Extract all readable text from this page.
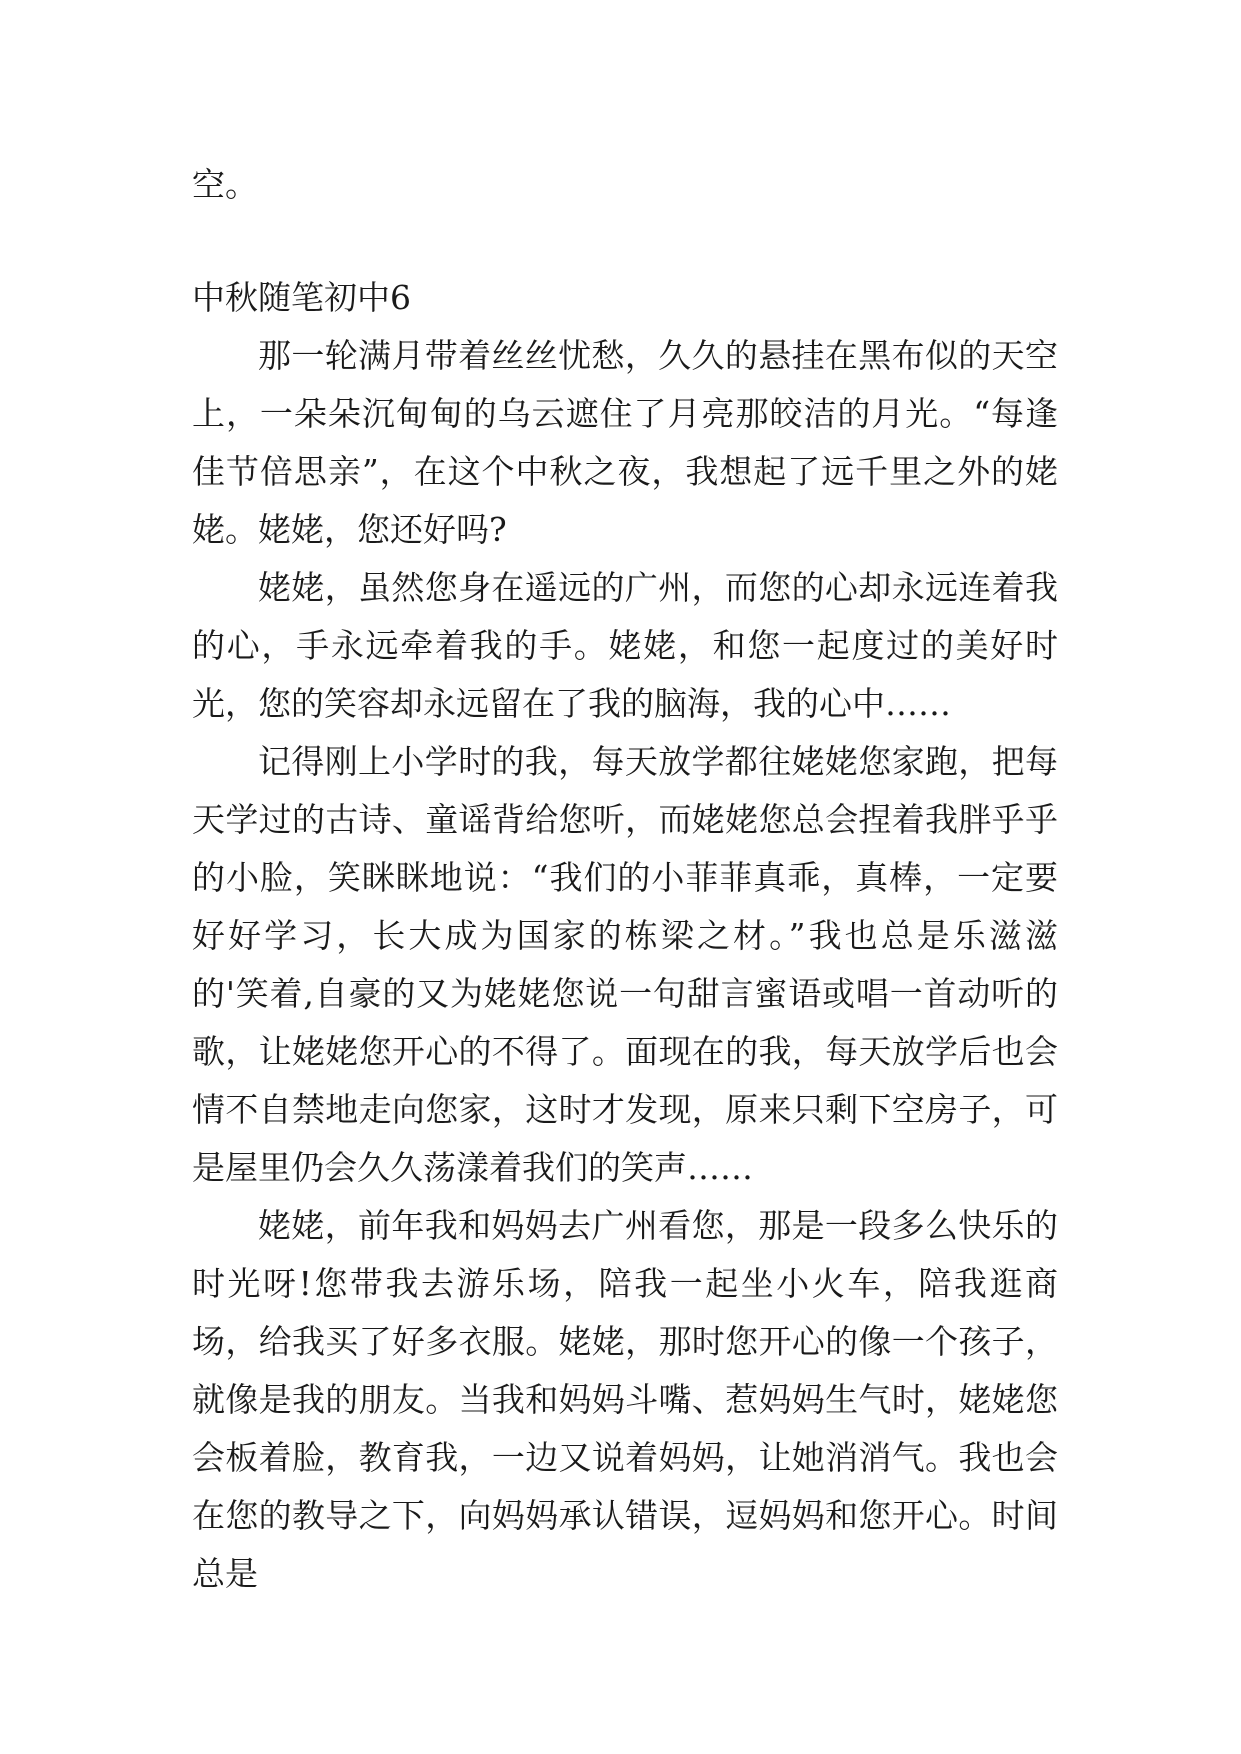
空。
中秋随笔初中6

那一轮满月带着丝丝忧愁，久久的悬挂在黑布似的天空上，一朵朵沉甸甸的乌云遮住了月亮那皎洁的月光。“每逢佳节倍思亲”，在这个中秋之夜，我想起了远千里之外的姥姥。姥姥，您还好吗?

姥姥，虽然您身在遥远的广州，而您的心却永远连着我的心，手永远牵着我的手。姥姥，和您一起度过的美好时光，您的笑容却永远留在了我的脑海，我的心中……

记得刚上小学时的我，每天放学都往姥姥您家跑，把每天学过的古诗、童谣背给您听，而姥姥您总会捏着我胖乎乎的小脸，笑眯眯地说：“我们的小菲菲真乖，真棒，一定要好好学习，长大成为国家的栋梁之材。”我也总是乐滋滋的'笑着,自豪的又为姥姥您说一句甜言蜜语或唱一首动听的歌，让姥姥您开心的不得了。面现在的我，每天放学后也会情不自禁地走向您家，这时才发现，原来只剩下空房子，可是屋里仍会久久荡漾着我们的笑声……

姥姥，前年我和妈妈去广州看您，那是一段多么快乐的时光呀!您带我去游乐场，陪我一起坐小火车，陪我逛商场，给我买了好多衣服。姥姥，那时您开心的像一个孩子，就像是我的朋友。当我和妈妈斗嘴、惹妈妈生气时，姥姥您会板着脸，教育我，一边又说着妈妈，让她消消气。我也会在您的教导之下，向妈妈承认错误，逗妈妈和您开心。时间总是
